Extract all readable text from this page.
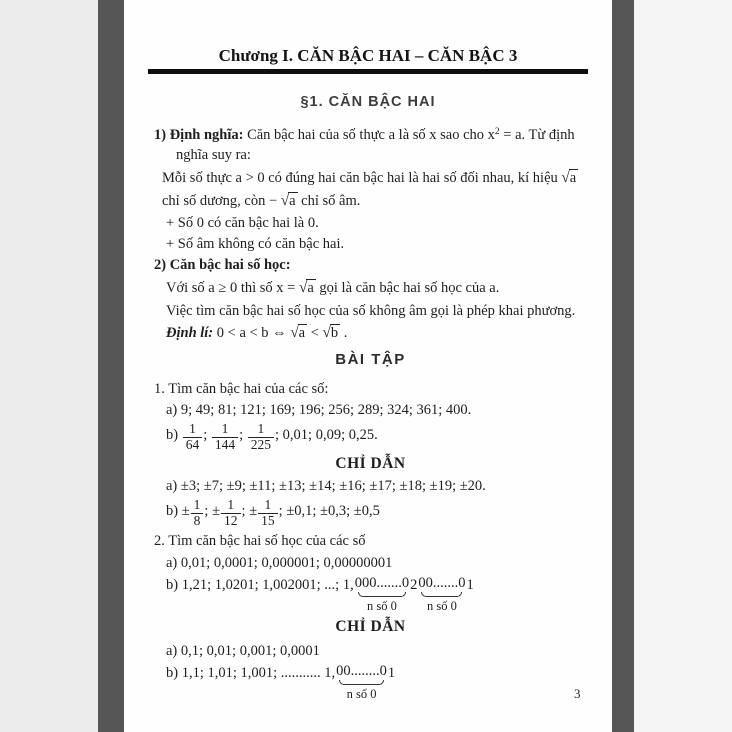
Chương I. CĂN BẬC HAI – CĂN BẬC 3
§1. CĂN BẬC HAI
1) Định nghĩa: Căn bậc hai của số thực a là số x sao cho $x^2 = a$. Từ định
nghĩa suy ra:
Mỗi số thực a > 0 có đúng hai căn bậc hai là hai số đối nhau, kí hiệu √a
chỉ số dương, còn − √a chỉ số âm.
+ Số 0 có căn bậc hai là 0.
+ Số âm không có căn bậc hai.
2) Căn bậc hai số học:
Với số a ≥ 0 thì số x = √a gọi là căn bậc hai số học của a.
Việc tìm căn bậc hai số học của số không âm gọi là phép khai phương.
Định lí: 0 < a < b ⇔ √a < √b .
BÀI TẬP
1. Tìm căn bậc hai của các số:
a) 9; 49; 81; 121; 169; 196; 256; 289; 324; 361; 400.
$b) \frac{1}{64}$ ; $\frac{1}{144}$ ; $\frac{1}{225}$ ; 0,01; 0,09; 0,25.
CHỈ DẪN
a) ±3; ±7; ±9; ±11; ±13; ±14; ±16; ±17; ±18; ±19; ±20.
$b) \pm \frac{1}{8}$ ; ± $\frac{1}{12}$ ; ± $\frac{1}{15}$ ; ±0,1; ±0,3; ±0,5
2. Tìm căn bậc hai số học của các số
a) 0,01; 0,0001; 0,000001; 0,00000001
b) 1,21; 1,0201; 1,002001; ...; 1, 000.......0
n số 0
2 00.......0
n số 0
1
CHỈ DẪN
a) 0,1; 0,01; 0,001; 0,0001
b) 1,1; 1,01; 1,001; ........... 1, 00........0
n số 0
1
3
